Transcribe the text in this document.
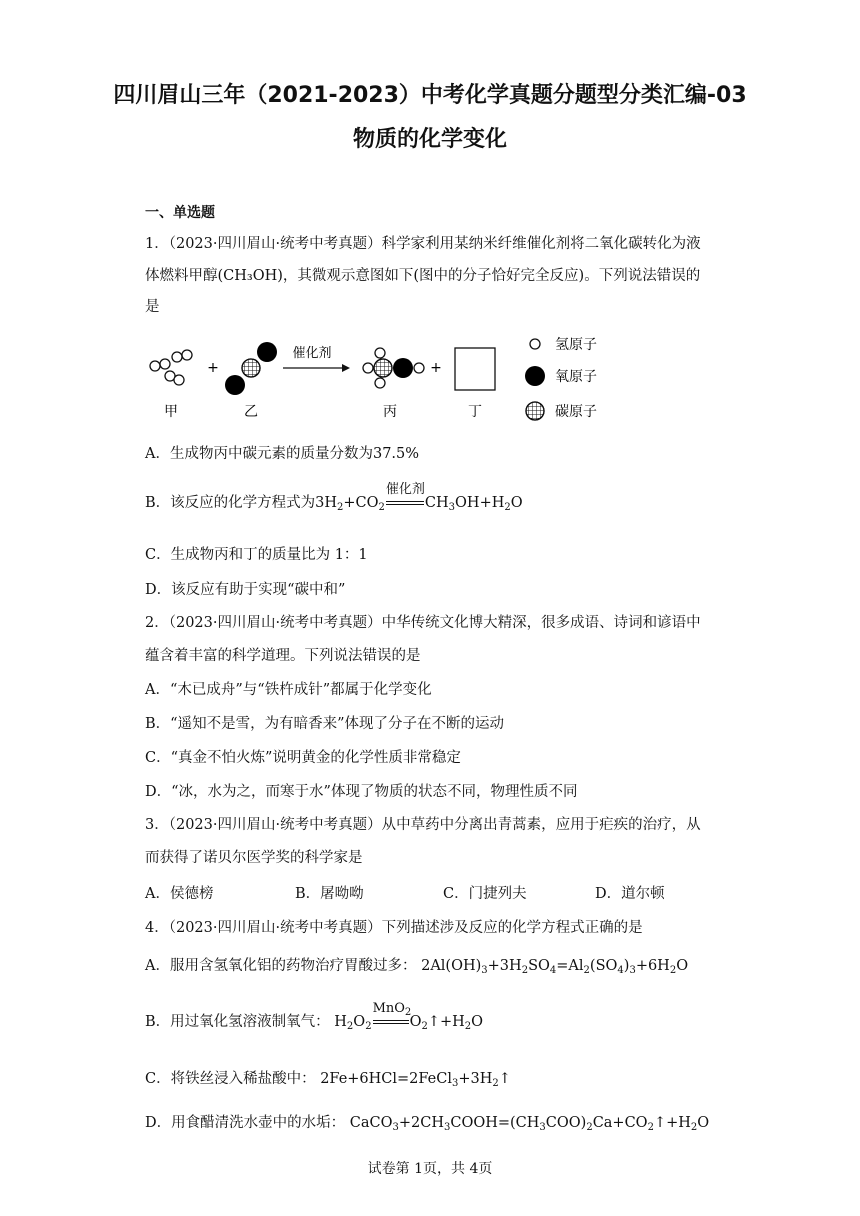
四川眉山三年（2021-2023）中考化学真题分题型分类汇编-03
物质的化学变化
一、单选题
1．（2023·四川眉山·统考中考真题）科学家利用某纳米纤维催化剂将二氧化碳转化为液
体燃料甲醇(CH₃OH)，其微观示意图如下(图中的分子恰好完全反应)。下列说法错误的
是
+
催化剂
+
甲	乙	丙	丁
氢原子
氧原子
碳原子
A．生成物丙中碳元素的质量分数为37.5%
B．该反应的化学方程式为$3H_2+CO_2$
催化剂
$CH_3OH+H_2O$
C．生成物丙和丁的质量比为 1：1
D．该反应有助于实现“碳中和”
2．（2023·四川眉山·统考中考真题）中华传统文化博大精深，很多成语、诗词和谚语中
蕴含着丰富的科学道理。下列说法错误的是
A．“木已成舟”与“铁杵成针”都属于化学变化
B．“遥知不是雪，为有暗香来”体现了分子在不断的运动
C．“真金不怕火炼”说明黄金的化学性质非常稳定
D．“冰，水为之，而寒于水”体现了物质的状态不同，物理性质不同
3．（2023·四川眉山·统考中考真题）从中草药中分离出青蒿素，应用于疟疾的治疗，从
而获得了诺贝尔医学奖的科学家是
A．侯德榜	B．屠呦呦	C．门捷列夫	D．道尔顿
4．（2023·四川眉山·统考中考真题）下列描述涉及反应的化学方程式正确的是
A．服用含氢氧化铝的药物治疗胃酸过多： $2Al(OH)_3+3H_2SO_4=Al_2(SO_4)_3+6H_2O$
B．用过氧化氢溶液制氧气： $H_2O_2$
MnO$_2$
$O_2↑+H_2O$
C．将铁丝浸入稀盐酸中： $2Fe+6HCl=2FeCl_3+3H_2↑$
D．用食醋清洗水壶中的水垢： $CaCO_3+2CH_3COOH=(CH_3COO)_2Ca+CO_2↑+H_2O$
试卷第 1页，共 4页
